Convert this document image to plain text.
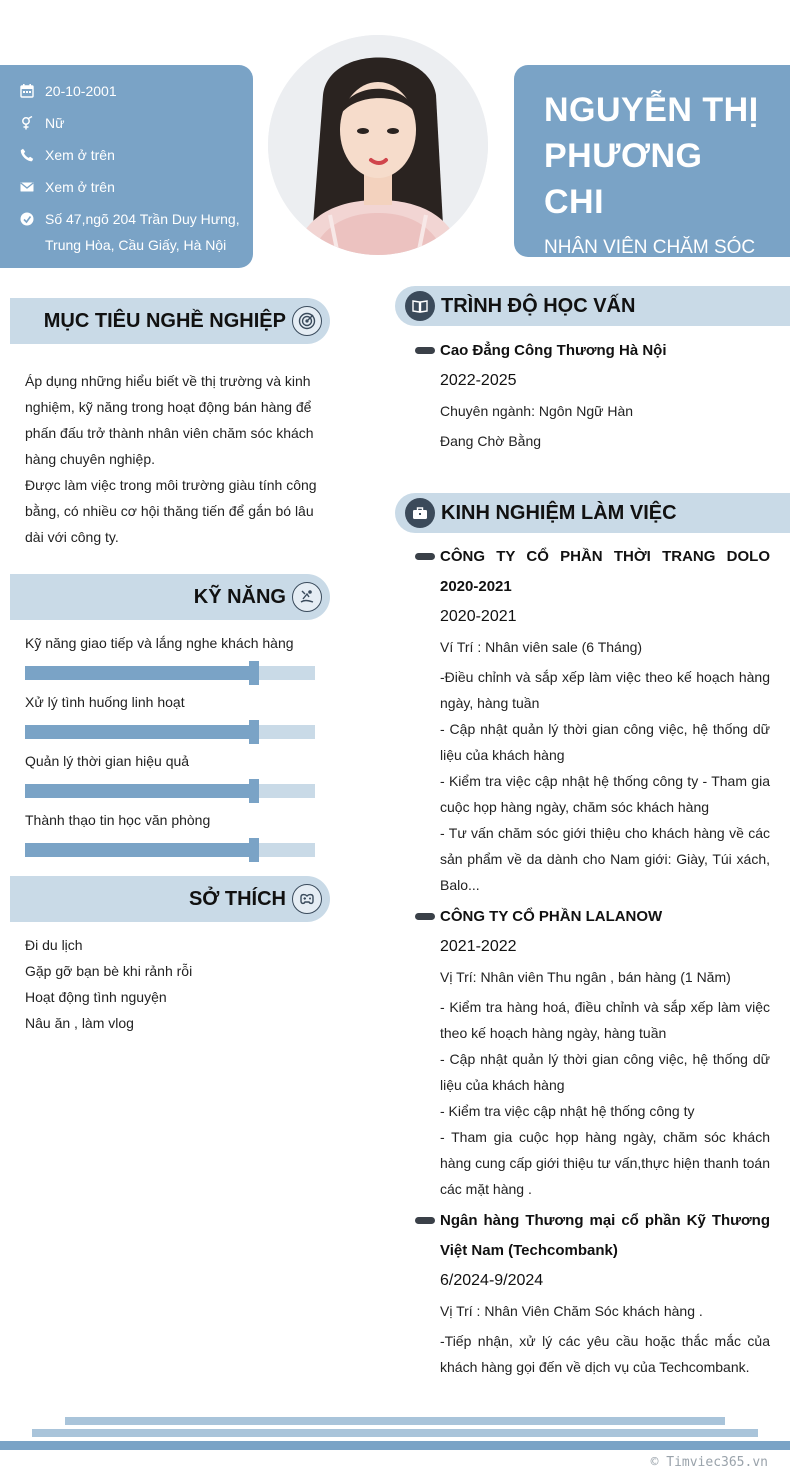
20-10-2001
Nữ
Xem ở trên
Xem ở trên
Số 47,ngõ 204 Trần Duy Hưng, Trung Hòa, Cầu Giấy, Hà Nội
NGUYỄN THỊ PHƯƠNG CHI
NHÂN VIÊN CHĂM SÓC KHÁCH HÀNG
MỤC TIÊU NGHỀ NGHIỆP
Áp dụng những hiểu biết về thị trường và kinh nghiệm, kỹ năng trong hoạt động bán hàng để phấn đấu trở thành nhân viên chăm sóc khách hàng chuyên nghiệp.
Được làm việc trong môi trường giàu tính công bằng, có nhiều cơ hội thăng tiến để gắn bó lâu dài với công ty.
KỸ NĂNG
Kỹ năng giao tiếp và lắng nghe khách hàng
Xử lý tình huống linh hoạt
Quản lý thời gian hiệu quả
Thành thạo tin học văn phòng
SỞ THÍCH
Đi du lịch
Gặp gỡ bạn bè khi rảnh rỗi
Hoạt động tình nguyện
Nâu ăn , làm vlog
TRÌNH ĐỘ HỌC VẤN
Cao Đẳng Công Thương Hà Nội
2022-2025
Chuyên ngành: Ngôn Ngữ Hàn
Đang Chờ Bằng
KINH NGHIỆM LÀM VIỆC
CÔNG TY CỔ PHẦN THỜI TRANG DOLO 2020-2021
2020-2021
Ví Trí : Nhân viên sale (6 Tháng)
-Điều chỉnh và sắp xếp làm việc theo kế hoạch hàng ngày, hàng tuần
- Cập nhật quản lý thời gian công việc, hệ thống dữ liệu của khách hàng
- Kiểm tra việc cập nhật hệ thống công ty - Tham gia cuộc họp hàng ngày, chăm sóc khách hàng
- Tư vấn chăm sóc giới thiệu cho khách hàng về các sản phẩm về da dành cho Nam giới: Giày, Túi xách, Balo...
CÔNG TY CỔ PHẦN LALANOW
2021-2022
Vị Trí: Nhân viên Thu ngân , bán hàng (1 Năm)
- Kiểm tra hàng hoá, điều chỉnh và sắp xếp làm việc theo kế hoạch hàng ngày, hàng tuần
- Cập nhật quản lý thời gian công việc, hệ thống dữ liệu của khách hàng
- Kiểm tra việc cập nhật hệ thống công ty
- Tham gia cuộc họp hàng ngày, chăm sóc khách hàng cung cấp giới thiệu tư vấn,thực hiện thanh toán các mặt hàng .
Ngân hàng Thương mại cổ phần Kỹ Thương Việt Nam (Techcombank)
6/2024-9/2024
Vị Trí : Nhân Viên Chăm Sóc khách hàng .
-Tiếp nhận, xử lý các yêu cầu hoặc thắc mắc của khách hàng gọi đến về dịch vụ của Techcombank.
© Timviec365.vn
